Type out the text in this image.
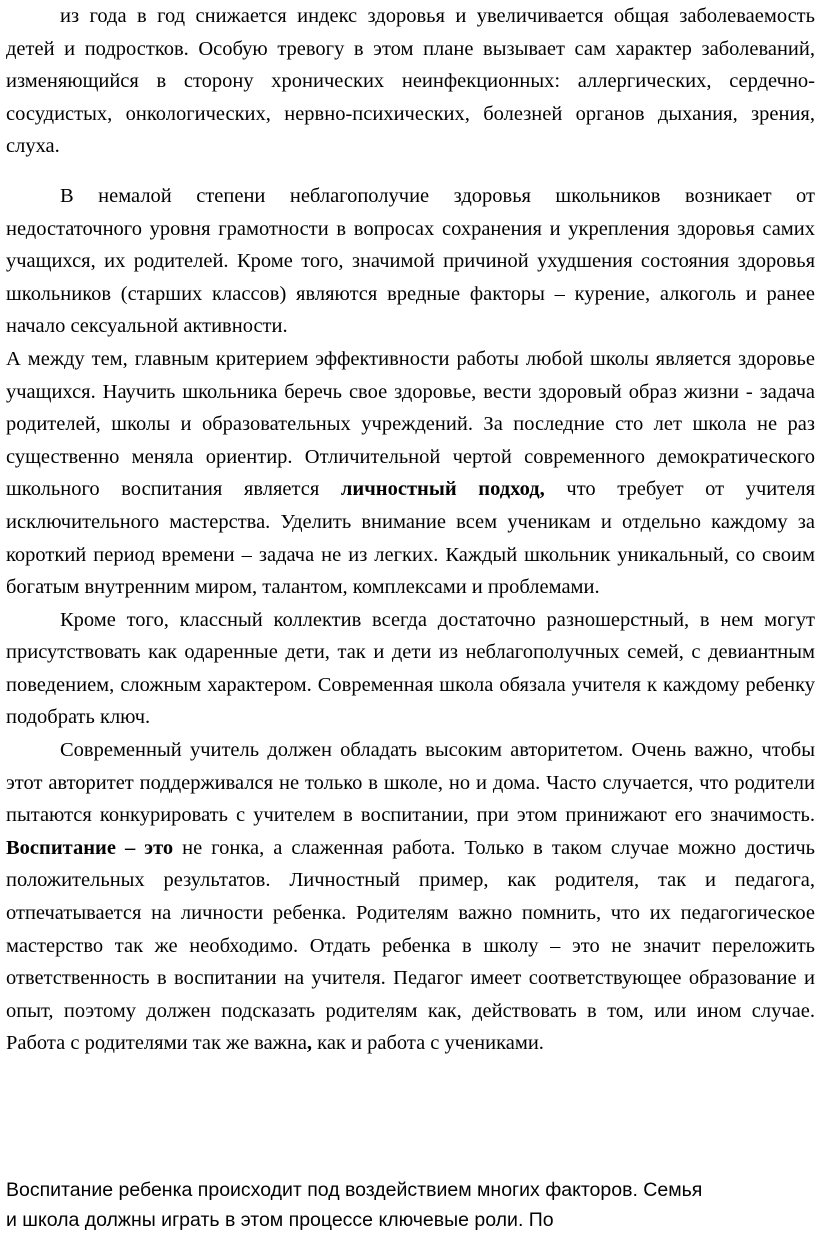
из года в год снижается индекс здоровья и увеличивается общая заболеваемость детей и подростков. Особую тревогу в этом плане вызывает сам характер заболеваний, изменяющийся в сторону хронических неинфекционных: аллергических, сердечно-сосудистых, онкологических, нервно-психических, болезней органов дыхания, зрения, слуха.

В немалой степени неблагополучие здоровья школьников возникает от недостаточного уровня грамотности в вопросах сохранения и укрепления здоровья самих учащихся, их родителей. Кроме того, значимой причиной ухудшения состояния здоровья школьников (старших классов) являются вредные факторы – курение, алкоголь и ранее начало сексуальной активности.

А между тем, главным критерием эффективности работы любой школы является здоровье учащихся. Научить школьника беречь свое здоровье, вести здоровый образ жизни - задача родителей, школы и образовательных учреждений. За последние сто лет школа не раз существенно меняла ориентир. Отличительной чертой современного демократического школьного воспитания является личностный подход, что требует от учителя исключительного мастерства. Уделить внимание всем ученикам и отдельно каждому за короткий период времени – задача не из легких. Каждый школьник уникальный, со своим богатым внутренним миром, талантом, комплексами и проблемами.

Кроме того, классный коллектив всегда достаточно разношерстный, в нем могут присутствовать как одаренные дети, так и дети из неблагополучных семей, с девиантным поведением, сложным характером. Современная школа обязала учителя к каждому ребенку подобрать ключ.

Современный учитель должен обладать высоким авторитетом. Очень важно, чтобы этот авторитет поддерживался не только в школе, но и дома. Часто случается, что родители пытаются конкурировать с учителем в воспитании, при этом принижают его значимость. Воспитание – это не гонка, а слаженная работа. Только в таком случае можно достичь положительных результатов. Личностный пример, как родителя, так и педагога, отпечатывается на личности ребенка. Родителям важно помнить, что их педагогическое мастерство так же необходимо. Отдать ребенка в школу – это не значит переложить ответственность в воспитании на учителя. Педагог имеет соответствующее образование и опыт, поэтому должен подсказать родителям как, действовать в том, или ином случае. Работа с родителями так же важна, как и работа с учениками.

Воспитание ребенка происходит под воздействием многих факторов. Семья

и школа должны играть в этом процессе ключевые роли. По
